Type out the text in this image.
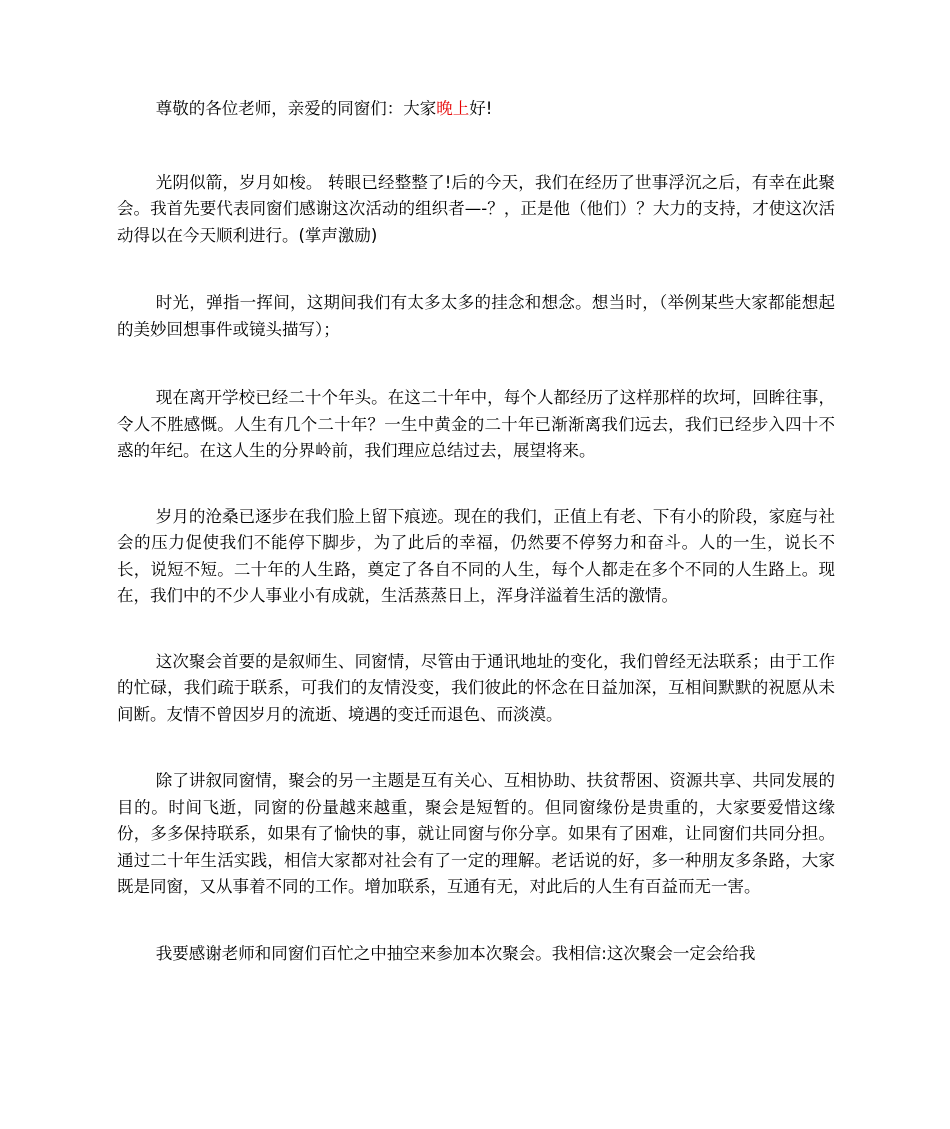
尊敬的各位老师，亲爱的同窗们：大家晚上好!

光阴似箭，岁月如梭。 转眼已经整整了!后的今天，我们在经历了世事浮沉之后，有幸在此聚会。我首先要代表同窗们感谢这次活动的组织者—-？，正是他（他们）？大力的支持，才使这次活动得以在今天顺利进行。(掌声激励)

时光，弹指一挥间，这期间我们有太多太多的挂念和想念。想当时，（举例某些大家都能想起的美妙回想事件或镜头描写）；

现在离开学校已经二十个年头。在这二十年中，每个人都经历了这样那样的坎坷，回眸往事，令人不胜感慨。人生有几个二十年？一生中黄金的二十年已渐渐离我们远去，我们已经步入四十不惑的年纪。在这人生的分界岭前，我们理应总结过去，展望将来。

岁月的沧桑已逐步在我们脸上留下痕迹。现在的我们，正值上有老、下有小的阶段，家庭与社会的压力促使我们不能停下脚步，为了此后的幸福，仍然要不停努力和奋斗。人的一生，说长不长，说短不短。二十年的人生路，奠定了各自不同的人生，每个人都走在多个不同的人生路上。现在，我们中的不少人事业小有成就，生活蒸蒸日上，浑身洋溢着生活的激情。

这次聚会首要的是叙师生、同窗情，尽管由于通讯地址的变化，我们曾经无法联系；由于工作的忙碌，我们疏于联系，可我们的友情没变，我们彼此的怀念在日益加深，互相间默默的祝愿从未间断。友情不曾因岁月的流逝、境遇的变迁而退色、而淡漠。

除了讲叙同窗情，聚会的另一主题是互有关心、互相协助、扶贫帮困、资源共享、共同发展的目的。时间飞逝，同窗的份量越来越重，聚会是短暂的。但同窗缘份是贵重的，大家要爱惜这缘份，多多保持联系，如果有了愉快的事，就让同窗与你分享。如果有了困难，让同窗们共同分担。通过二十年生活实践，相信大家都对社会有了一定的理解。老话说的好，多一种朋友多条路，大家既是同窗，又从事着不同的工作。增加联系，互通有无，对此后的人生有百益而无一害。

我要感谢老师和同窗们百忙之中抽空来参加本次聚会。我相信:这次聚会一定会给我
